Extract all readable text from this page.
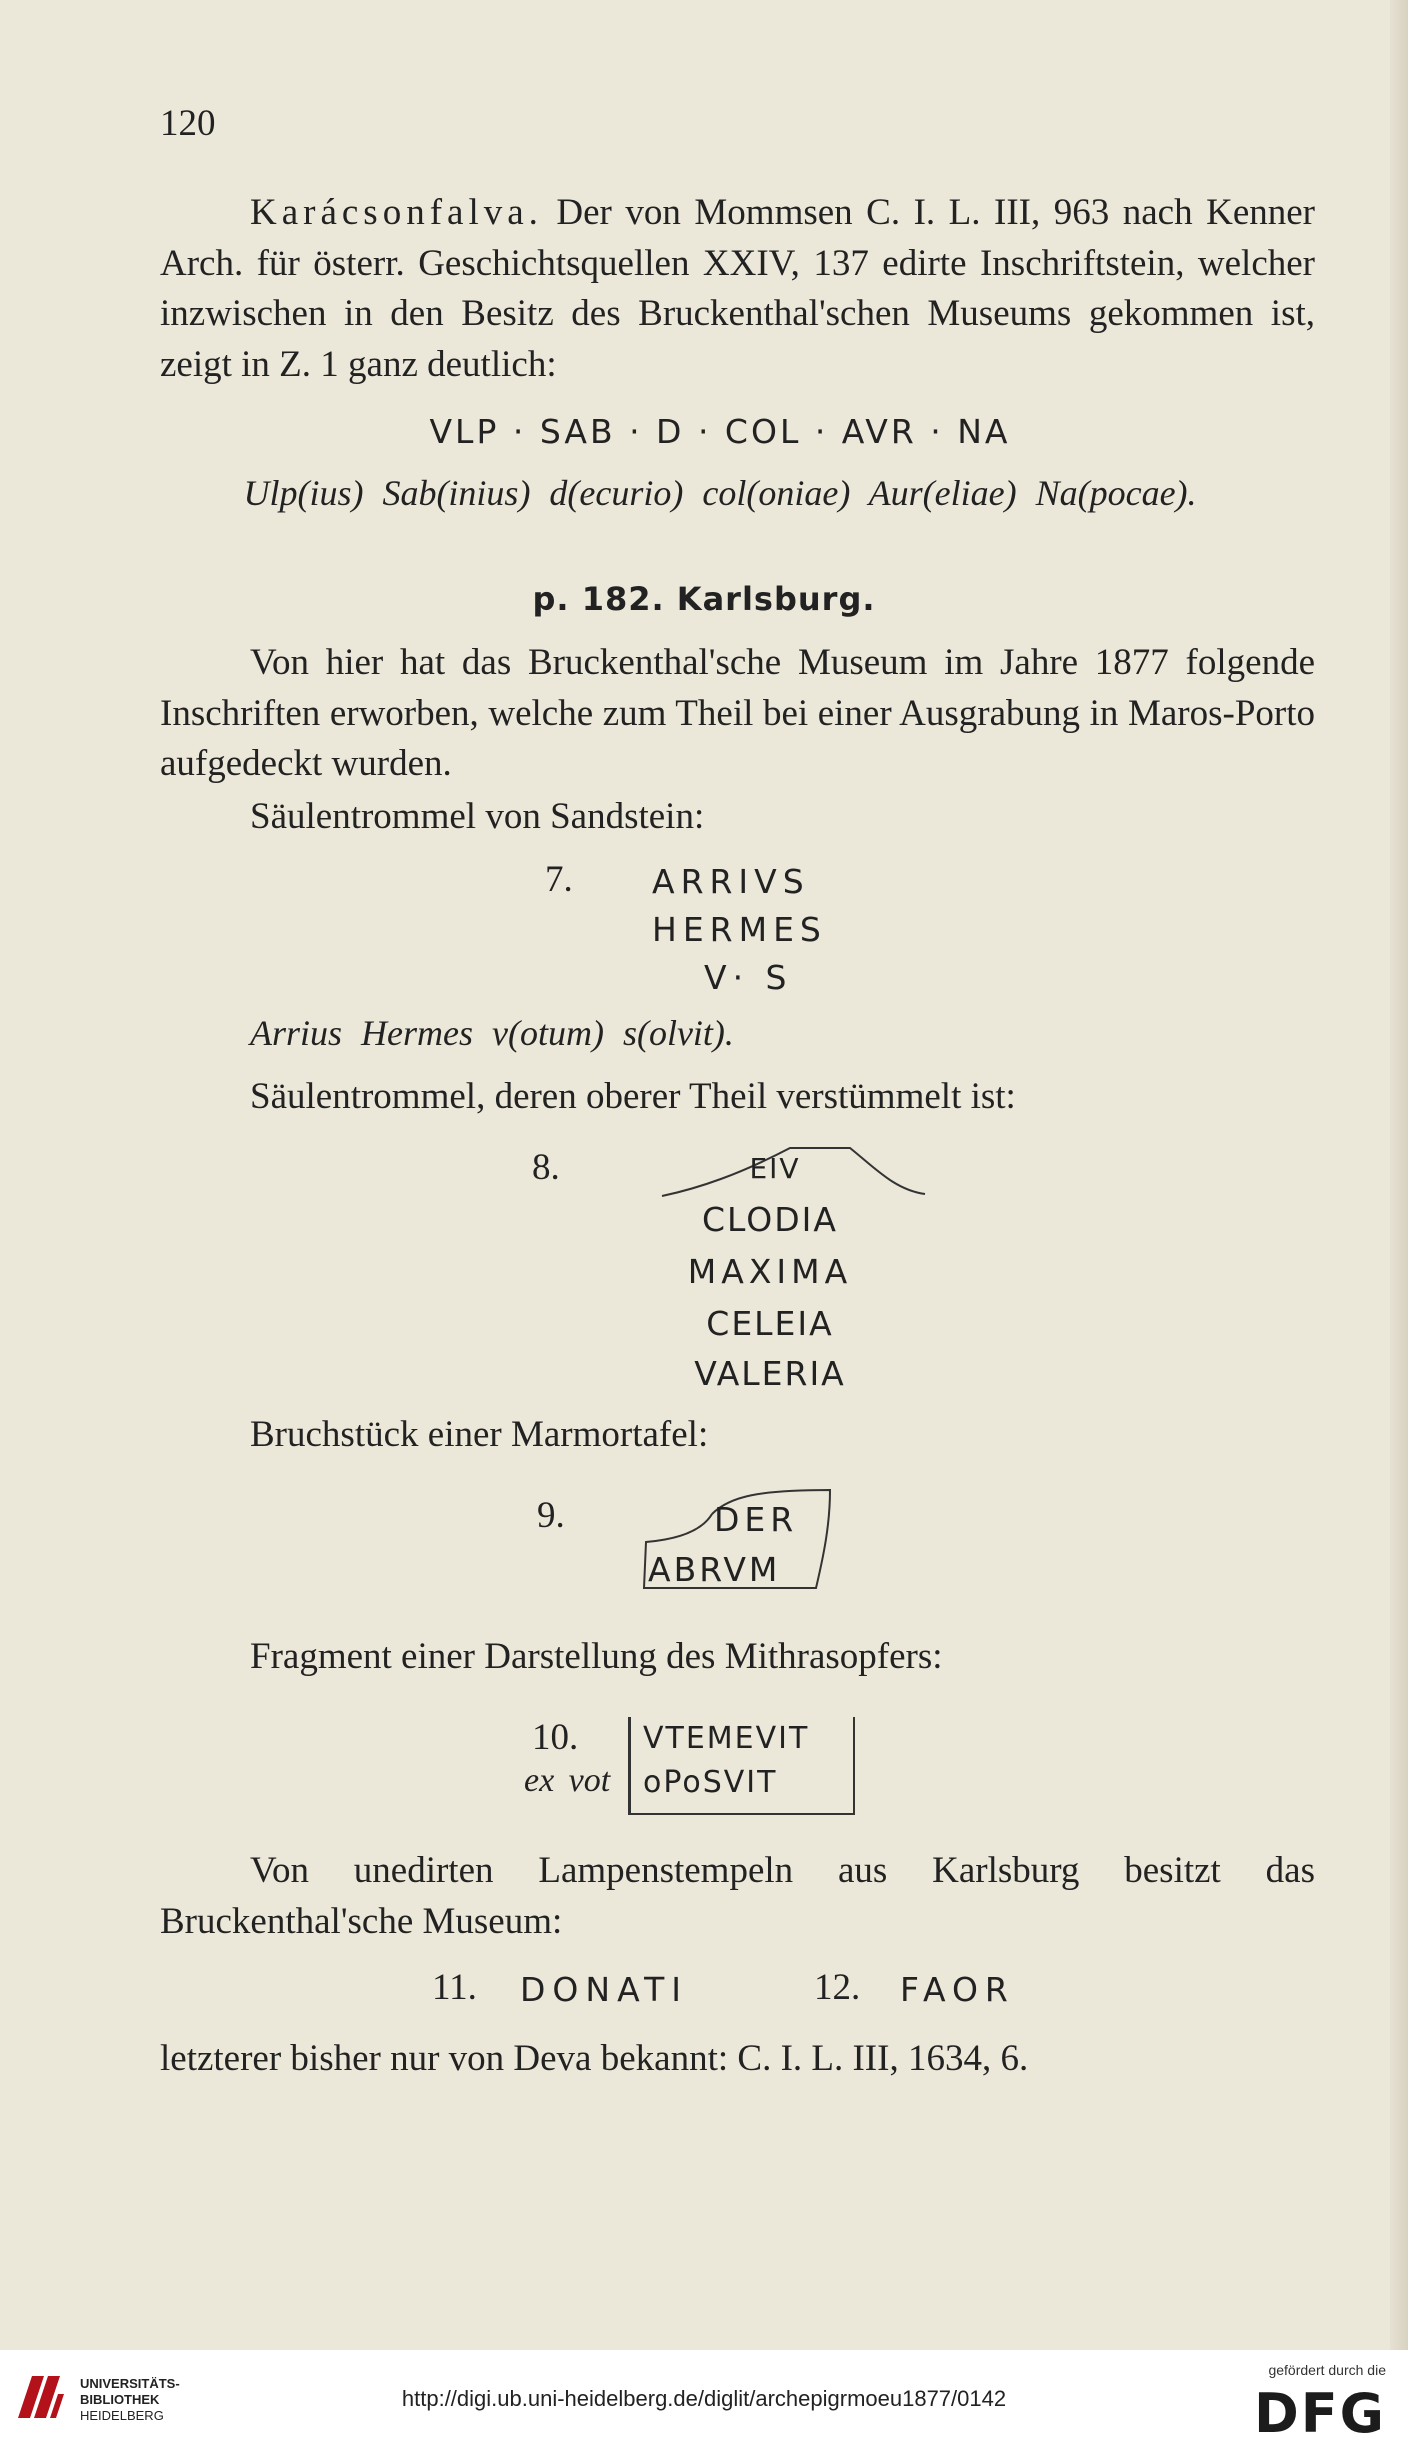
120
Karácsonfalva. Der von Mommsen C. I. L. III, 963 nach Kenner Arch. für österr. Geschichtsquellen XXIV, 137 edirte Inschriftstein, welcher inzwischen in den Besitz des Bruckenthal'schen Museums gekommen ist, zeigt in Z. 1 ganz deutlich:
VLP · SAB · D · COL · AVR · NA
Ulp(ius) Sab(inius) d(ecurio) col(oniae) Aur(eliae) Na(pocae).
p. 182. Karlsburg.
Von hier hat das Bruckenthal'sche Museum im Jahre 1877 folgende Inschriften erworben, welche zum Theil bei einer Ausgrabung in Maros-Porto aufgedeckt wurden.
Säulentrommel von Sandstein:
7. ARRIVS
HERMES
V· S
Arrius Hermes v(otum) s(olvit).
Säulentrommel, deren oberer Theil verstümmelt ist:
8.	EIV
CLODIA
MAXIMA
CELEIA
VALERIA
Bruchstück einer Marmortafel:
9.	DER
ABRVM
Fragment einer Darstellung des Mithrasopfers:
10.
ex vot
VTEMEVIT
oPoSVIT
Von unedirten Lampenstempeln aus Karlsburg besitzt das Bruckenthal'sche Museum:
11. DONATI	12. FAOR
letzterer bisher nur von Deva bekannt: C. I. L. III, 1634, 6.
UNIVERSITÄTS-
BIBLIOTHEK
HEIDELBERG
http://digi.ub.uni-heidelberg.de/diglit/archepigrmoeu1877/0142
gefördert durch die
DFG
